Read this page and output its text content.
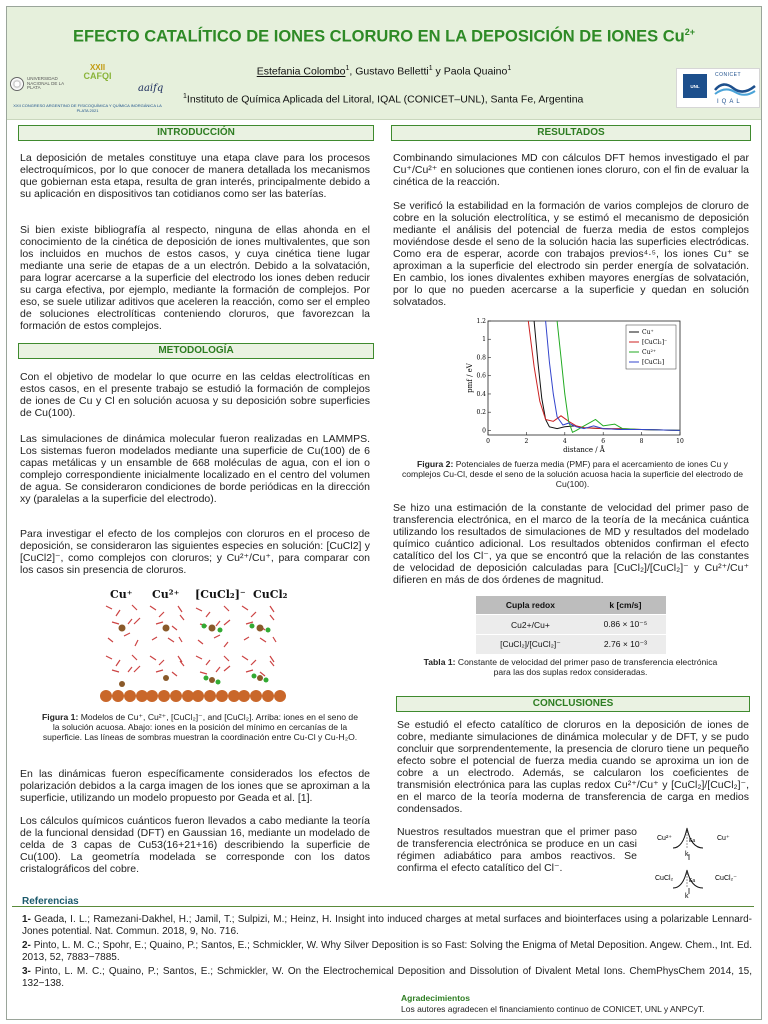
EFECTO CATALÍTICO DE IONES CLORURO EN LA DEPOSICIÓN DE IONES $Cu^{2+}$
Estefania Colombo$^1$, Gustavo Belletti$^1$ y Paola Quaino$^1$
$^1$Instituto de Química Aplicada del Litoral, IQAL (CONICET–UNL), Santa Fe, Argentina
UNIVERSIDAD NACIONAL DE LA PLATA
XXII
CAFQI
aaifq
XXII CONGRESO ARGENTINO DE FISICOQUÍMICA Y QUÍMICA INORGÁNICA LA PLATA 2021
UNL
CONICET
IQAL
INTRODUCCIÓN
La deposición de metales constituye una etapa clave para los procesos electroquímicos, por lo que conocer de manera detallada los mecanismos que gobiernan esta etapa, resulta de gran interés, principalmente debido a su aplicación en dispositivos tan cotidianos como ser las baterías.
Si bien existe bibliografía al respecto, ninguna de ellas ahonda en el conocimiento de la cinética de deposición de iones multivalentes, que son los incluidos en muchos de estos casos, y cuya cinética tiene lugar mediante una serie de etapas de a un electrón. Debido a la solvatación, para lograr acercarse a la superficie del electrodo los iones deben reducir su carga efectiva, por ejemplo, mediante la formación de complejos. Por eso, se suele utilizar aditivos que aceleren la reacción, como ser el empleo de soluciones electrolíticas conteniendo cloruros, que favorezcan la formación de estos complejos.
METODOLOGÍA
Con el objetivo de modelar lo que ocurre en las celdas electrolíticas en estos casos, en el presente trabajo se estudió la formación de complejos de iones de Cu y Cl en solución acuosa y su deposición sobre superficies de Cu(100).
Las simulaciones de dinámica molecular fueron realizadas en LAMMPS. Los sistemas fueron modelados mediante una superficie de Cu(100) de 6 capas metálicas y un ensamble de 668 moléculas de agua, con el ion o complejo correspondiente inicialmente localizado en el centro del volumen de agua. Se consideraron condiciones de borde periódicas en la dirección xy (paralelas a la superficie del electrodo).
Para investigar el efecto de los complejos con cloruros en el proceso de deposición, se consideraron las siguientes especies en solución: [CuCl2] y [CuCl2]⁻, como complejos con cloruros; y Cu²⁺/Cu⁺, para comparar con los casos sin presencia de cloruros.
Cu⁺ Cu²⁺ [CuCl₂]⁻ CuCl₂
Figura 1: Modelos de Cu⁺, Cu²⁺, [CuCl₂]⁻, and [CuCl₂]. Arriba: iones en el seno de la solución acuosa. Abajo: iones en la posición del mínimo en cercanías de la superficie. Las líneas de sombras muestran la coordinación entre Cu-Cl y Cu-H₂O.
En las dinámicas fueron específicamente considerados los efectos de polarización debidos a la carga imagen de los iones que se aproximan a la superficie, utilizando un modelo propuesto por Geada et al. [1].
Los cálculos químicos cuánticos fueron llevados a cabo mediante la teoría de la funcional densidad (DFT) en Gaussian 16, mediante un modelado de celda de 3 capas de Cu53(16+21+16) describiendo la superficie de Cu(100). La geometría modelada se corresponde con los datos cristalográficos del cobre.
RESULTADOS
Combinando simulaciones MD con cálculos DFT hemos investigado el par Cu⁺/Cu²⁺ en soluciones que contienen iones cloruro, con el fin de evaluar la cinética de la reacción.
Se verificó la estabilidad en la formación de varios complejos de cloruro de cobre en la solución electrolítica, y se estimó el mecanismo de deposición mediante el análisis del potencial de fuerza media de estos complejos moviéndose desde el seno de la solución hacia las superficies electródicas. Como era de esperar, acorde con trabajos previos⁴·⁵, los iones Cu⁺ se aproximan a la superficie del electrodo sin perder energía de solvatación. En cambio, los iones divalentes exhiben mayores energías de solvatación, por lo que no pueden acercarse a la superficie y quedan en solución solvatados.
0	2	4	6	8	10
0
0.2
0.4
0.6
0.8
1
1.2
distance / Å
pmf / eV
Cu⁺
[CuCl₂]⁻
Cu²⁺
[CuCl₂]
Figura 2: Potenciales de fuerza media (PMF) para el acercamiento de iones Cu y complejos Cu-Cl, desde el seno de la solución acuosa hacia la superficie del electrodo de Cu(100).
Se hizo una estimación de la constante de velocidad del primer paso de transferencia electrónica, en el marco de la teoría de la mecánica cuántica utilizando los resultados de simulaciones de MD y resultados del modelado químico cuántico adicional. Los resultados obtenidos confirman el efecto catalítico del los Cl⁻, ya que se encontró que la relación de las constantes de velocidad de deposición calculadas para [CuCl₂]/[CuCl₂]⁻ y Cu²⁺/Cu⁺ difieren en más de dos órdenes de magnitud.
Cupla redox	k [cm/s]
Cu2+/Cu+	0.86 × 10⁻⁵
[CuCl₂]/[CuCl₂]⁻	2.76 × 10⁻³
Tabla 1: Constante de velocidad del primer paso de transferencia electrónica para las dos suplas redox consideradas.
CONCLUSIONES
Se estudió el efecto catalítico de cloruros en la deposición de iones de cobre, mediante simulaciones de dinámica molecular y de DFT, y se pudo concluir que sorprendentemente, la presencia de cloruro tiene un pequeño efecto sobre el potencial de fuerza media cuando se aproxima un ion de cobre a un electrodo. Además, se calcularon los coeficientes de transmisión electrónica para las cuplas redox Cu²⁺/Cu⁺ y [CuCl₂]/[CuCl₂]⁻, en el marco de la teoría moderna de transferencia de carga en medios condensados.
Nuestros resultados muestran que el primer paso de transferencia electrónica se produce en un casi régimen adiabático para ambos reactivos. Se confirma el efecto catalítico del Cl⁻.
Cu²⁺	Ea	Cu⁺
k
CuCl₂	Ea	CuCl₂⁻
k
Referencias
1- Geada, I. L.; Ramezani-Dakhel, H.; Jamil, T.; Sulpizi, M.; Heinz, H. Insight into induced charges at metal surfaces and biointerfaces using a polarizable Lennard-Jones potential. Nat. Commun. 2018, 9, No. 716.
2- Pinto, L. M. C.; Spohr, E.; Quaino, P.; Santos, E.; Schmickler, W. Why Silver Deposition is so Fast: Solving the Enigma of Metal Deposition. Angew. Chem., Int. Ed. 2013, 52, 7883−7885.
3- Pinto, L. M. C.; Quaino, P.; Santos, E.; Schmickler, W. On the Electrochemical Deposition and Dissolution of Divalent Metal Ions. ChemPhysChem 2014, 15, 132−138.
Agradecimientos
Los autores agradecen el financiamiento continuo de CONICET, UNL y ANPCyT.
